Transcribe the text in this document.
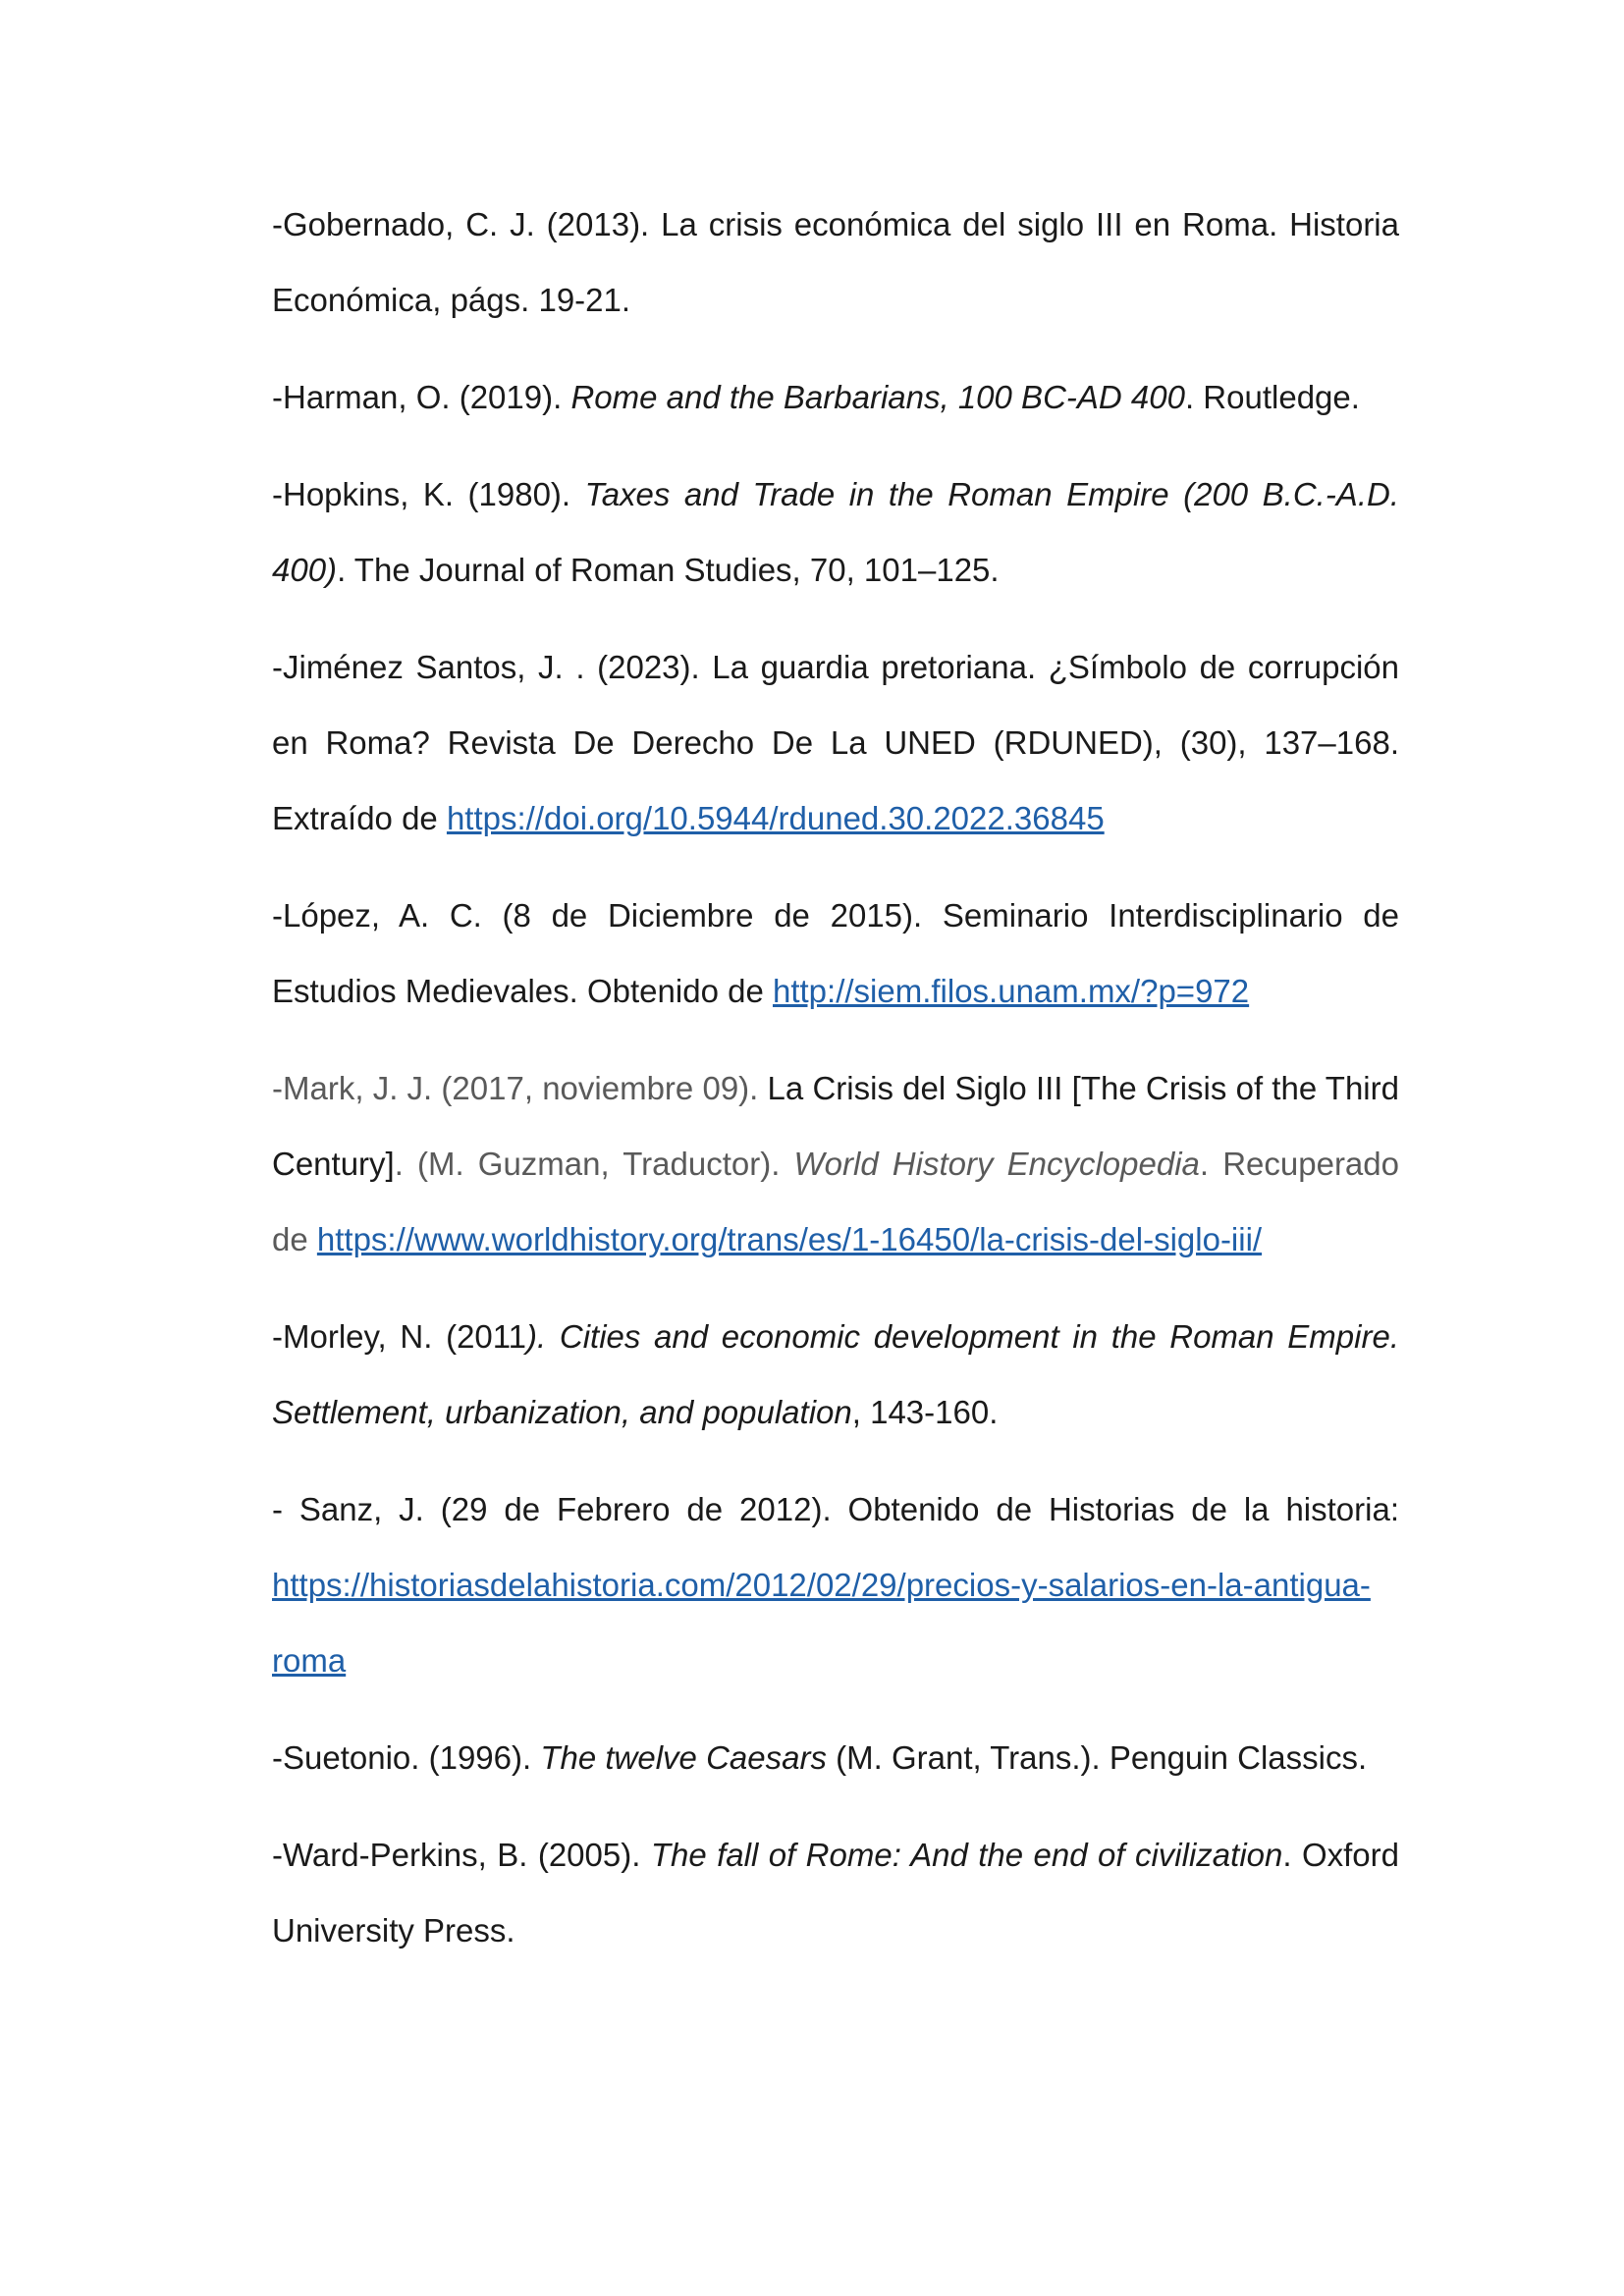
-Gobernado, C. J. (2013). La crisis económica del siglo III en Roma. Historia Económica, págs. 19-21.

-Harman, O. (2019). Rome and the Barbarians, 100 BC-AD 400. Routledge.

-Hopkins, K. (1980). Taxes and Trade in the Roman Empire (200 B.C.-A.D. 400). The Journal of Roman Studies, 70, 101–125.

-Jiménez Santos, J. . (2023). La guardia pretoriana. ¿Símbolo de corrupción en Roma? Revista De Derecho De La UNED (RDUNED), (30), 137–168. Extraído de https://doi.org/10.5944/rduned.30.2022.36845

-López, A. C. (8 de Diciembre de 2015). Seminario Interdisciplinario de Estudios Medievales. Obtenido de http://siem.filos.unam.mx/?p=972

-Mark, J. J. (2017, noviembre 09). La Crisis del Siglo III [The Crisis of the Third Century]. (M. Guzman, Traductor). World History Encyclopedia. Recuperado de https://www.worldhistory.org/trans/es/1-16450/la-crisis-del-siglo-iii/

-Morley, N. (2011). Cities and economic development in the Roman Empire. Settlement, urbanization, and population, 143-160.

- Sanz, J. (29 de Febrero de 2012). Obtenido de Historias de la historia: https://historiasdelahistoria.com/2012/02/29/precios-y-salarios-en-la-antigua-roma

-Suetonio. (1996). The twelve Caesars (M. Grant, Trans.). Penguin Classics.

-Ward-Perkins, B. (2005). The fall of Rome: And the end of civilization. Oxford University Press.
